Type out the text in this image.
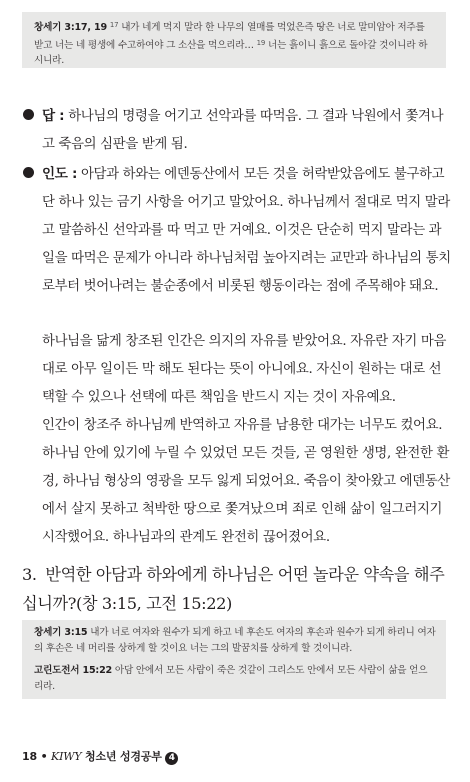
창세기 3:17, 19 $^{17}$ 내가 네게 먹지 말라 한 나무의 열매를 먹었은즉 땅은 너로 말미암아 저주를 받고 너는 네 평생에 수고하여야 그 소산을 먹으리라… $^{19}$ 너는 흙이니 흙으로 돌아갈 것이니라 하시니라.
답 : 하나님의 명령을 어기고 선악과를 따먹음. 그 결과 낙원에서 쫓겨나고 죽음의 심판을 받게 됨.
인도 : 아담과 하와는 에덴동산에서 모든 것을 허락받았음에도 불구하고 단 하나 있는 금기 사항을 어기고 말았어요. 하나님께서 절대로 먹지 말라고 말씀하신 선악과를 따 먹고 만 거예요. 이것은 단순히 먹지 말라는 과일을 따먹은 문제가 아니라 하나님처럼 높아지려는 교만과 하나님의 통치로부터 벗어나려는 불순종에서 비롯된 행동이라는 점에 주목해야 돼요.
하나님을 닮게 창조된 인간은 의지의 자유를 받았어요. 자유란 자기 마음대로 아무 일이든 막 해도 된다는 뜻이 아니에요. 자신이 원하는 대로 선택할 수 있으나 선택에 따른 책임을 반드시 지는 것이 자유예요.
인간이 창조주 하나님께 반역하고 자유를 남용한 대가는 너무도 컸어요. 하나님 안에 있기에 누릴 수 있었던 모든 것들, 곧 영원한 생명, 완전한 환경, 하나님 형상의 영광을 모두 잃게 되었어요. 죽음이 찾아왔고 에덴동산에서 살지 못하고 척박한 땅으로 쫓겨났으며 죄로 인해 삶이 일그러지기 시작했어요. 하나님과의 관계도 완전히 끊어졌어요.
3. 반역한 아담과 하와에게 하나님은 어떤 놀라운 약속을 해주십니까?(창 3:15, 고전 15:22)
창세기 3:15 내가 너로 여자와 원수가 되게 하고 네 후손도 여자의 후손과 원수가 되게 하리니 여자의 후손은 네 머리를 상하게 할 것이요 너는 그의 발꿈치를 상하게 할 것이니라.
고린도전서 15:22 아담 안에서 모든 사람이 죽은 것같이 그리스도 안에서 모든 사람이 삶을 얻으리라.
18 • KIWY 청소년 성경공부 4
